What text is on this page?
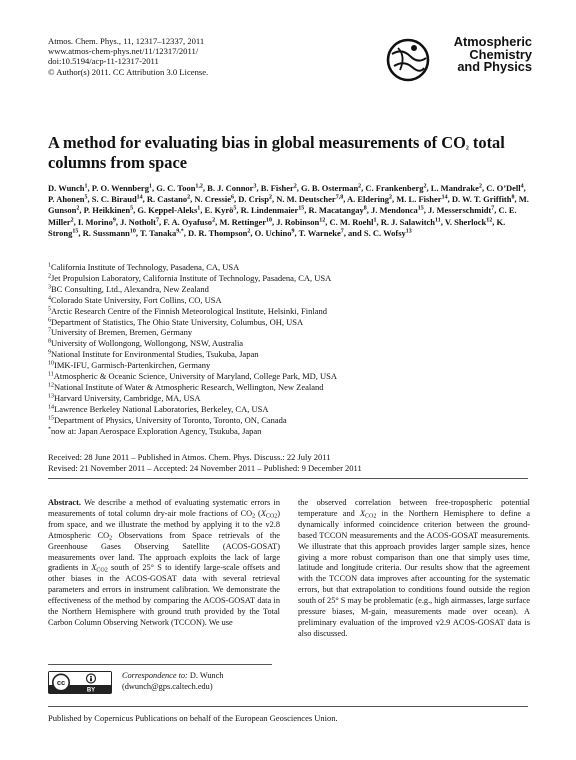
Atmos. Chem. Phys., 11, 12317–12337, 2011
www.atmos-chem-phys.net/11/12317/2011/
doi:10.5194/acp-11-12317-2011
© Author(s) 2011. CC Attribution 3.0 License.
Atmospheric
Chemistry
and Physics
A method for evaluating bias in global measurements of $CO_2$ total
columns from space
D. Wunch$^1$, P. O. Wennberg$^1$, G. C. Toon$^{1,2}$, B. J. Connor$^3$, B. Fisher$^2$, G. B. Osterman$^2$, C. Frankenberg$^2$, L. Mandrake$^2$, C. O’Dell$^4$, P. Ahonen$^5$, S. C. Biraud$^{14}$, R. Castano$^2$, N. Cressie$^6$, D. Crisp$^2$, N. M. Deutscher$^{7,8}$, A. Eldering$^2$, M. L. Fisher$^{14}$, D. W. T. Griffith$^8$, M. Gunson$^2$, P. Heikkinen$^5$, G. Keppel-Aleks$^1$, E. Kyrö$^5$, R. Lindenmaier$^{15}$, R. Macatangay$^8$, J. Mendonca$^{15}$, J. Messerschmidt$^7$, C. E. Miller$^2$, I. Morino$^9$, J. Notholt$^7$, F. A. Oyafuso$^2$, M. Rettinger$^{10}$, J. Robinson$^{12}$, C. M. Roehl$^1$, R. J. Salawitch$^{11}$, V. Sherlock$^{12}$, K. Strong$^{15}$, R. Sussmann$^{10}$, T. Tanaka$^{9,*}$, D. R. Thompson$^2$, O. Uchino$^9$, T. Warneke$^7$, and S. C. Wofsy$^{13}$
$^1$California Institute of Technology, Pasadena, CA, USA
$^2$Jet Propulsion Laboratory, California Institute of Technology, Pasadena, CA, USA
$^3$BC Consulting, Ltd., Alexandra, New Zealand
$^4$Colorado State University, Fort Collins, CO, USA
$^5$Arctic Research Centre of the Finnish Meteorological Institute, Helsinki, Finland
$^6$Department of Statistics, The Ohio State University, Columbus, OH, USA
$^7$University of Bremen, Bremen, Germany
$^8$University of Wollongong, Wollongong, NSW, Australia
$^9$National Institute for Environmental Studies, Tsukuba, Japan
$^{10}$IMK-IFU, Garmisch-Partenkirchen, Germany
$^{11}$Atmospheric & Oceanic Science, University of Maryland, College Park, MD, USA
$^{12}$National Institute of Water & Atmospheric Research, Wellington, New Zealand
$^{13}$Harvard University, Cambridge, MA, USA
$^{14}$Lawrence Berkeley National Laboratories, Berkeley, CA, USA
$^{15}$Department of Physics, University of Toronto, Toronto, ON, Canada
*now at: Japan Aerospace Exploration Agency, Tsukuba, Japan
Received: 28 June 2011 – Published in Atmos. Chem. Phys. Discuss.: 22 July 2011
Revised: 21 November 2011 – Accepted: 24 November 2011 – Published: 9 December 2011
Abstract. We describe a method of evaluating systematic errors in measurements of total column dry-air mole fractions of $CO_2$ $(X_{CO2})$ from space, and we illustrate the method by applying it to the v2.8 Atmospheric $CO_2$ Observations from Space retrievals of the Greenhouse Gases Observing Satellite (ACOS-GOSAT) measurements over land. The approach exploits the lack of large gradients in $X_{CO2}$ south of 25° S to identify large-scale offsets and other biases in the ACOS-GOSAT data with several retrieval parameters and errors in instrument calibration. We demonstrate the effectiveness of the method by comparing the ACOS-GOSAT data in the Northern Hemisphere with ground truth provided by the Total Carbon Column Observing Network (TCCON). We use
the observed correlation between free-tropospheric potential temperature and $X_{CO2}$ in the Northern Hemisphere to define a dynamically informed coincidence criterion between the ground-based TCCON measurements and the ACOS-GOSAT measurements. We illustrate that this approach provides larger sample sizes, hence giving a more robust comparison than one that simply uses time, latitude and longitude criteria. Our results show that the agreement with the TCCON data improves after accounting for the systematic errors, but that extrapolation to conditions found outside the region south of 25° S may be problematic (e.g., high airmasses, large surface pressure biases, M-gain, measurements made over ocean). A preliminary evaluation of the improved v2.9 ACOS-GOSAT data is also discussed.
cc
BY
Correspondence to: D. Wunch
(dwunch@gps.caltech.edu)
Published by Copernicus Publications on behalf of the European Geosciences Union.
